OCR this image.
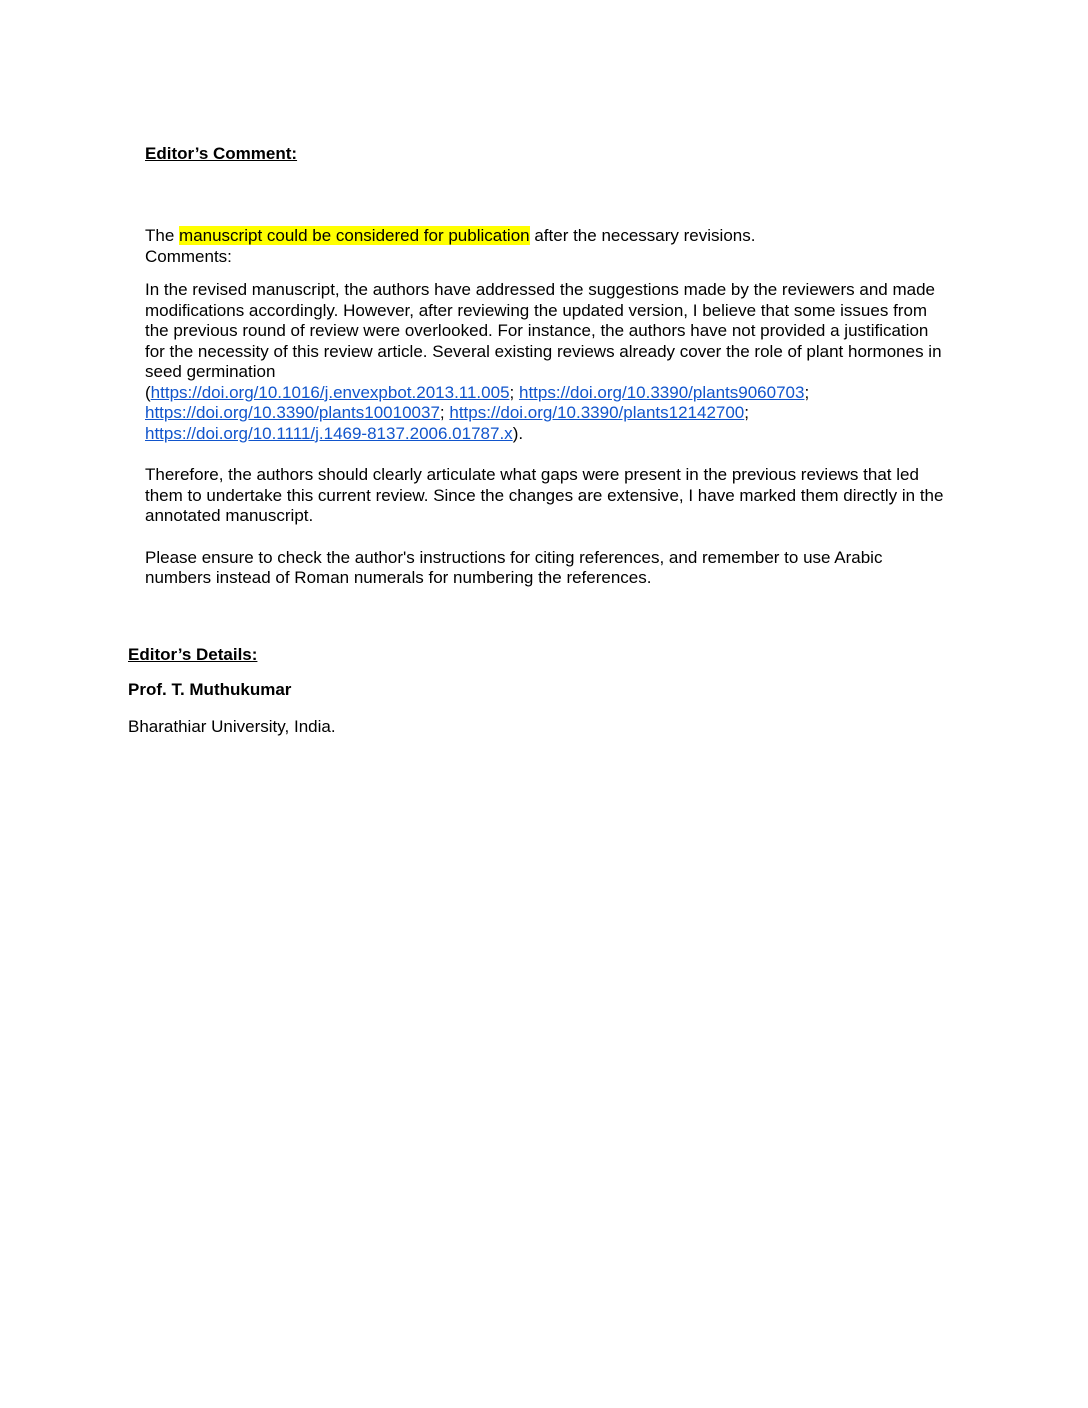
Editor’s Comment:

The manuscript could be considered for publication after the necessary revisions.

Comments:

In the revised manuscript, the authors have addressed the suggestions made by the reviewers and made modifications accordingly. However, after reviewing the updated version, I believe that some issues from the previous round of review were overlooked. For instance, the authors have not provided a justification for the necessity of this review article. Several existing reviews already cover the role of plant hormones in seed germination
(https://doi.org/10.1016/j.envexpbot.2013.11.005; https://doi.org/10.3390/plants9060703; https://doi.org/10.3390/plants10010037; https://doi.org/10.3390/plants12142700; https://doi.org/10.1111/j.1469-8137.2006.01787.x).

Therefore, the authors should clearly articulate what gaps were present in the previous reviews that led them to undertake this current review. Since the changes are extensive, I have marked them directly in the annotated manuscript.

Please ensure to check the author's instructions for citing references, and remember to use Arabic numbers instead of Roman numerals for numbering the references.

Editor’s Details:
Prof. T. Muthukumar
Bharathiar University, India.
